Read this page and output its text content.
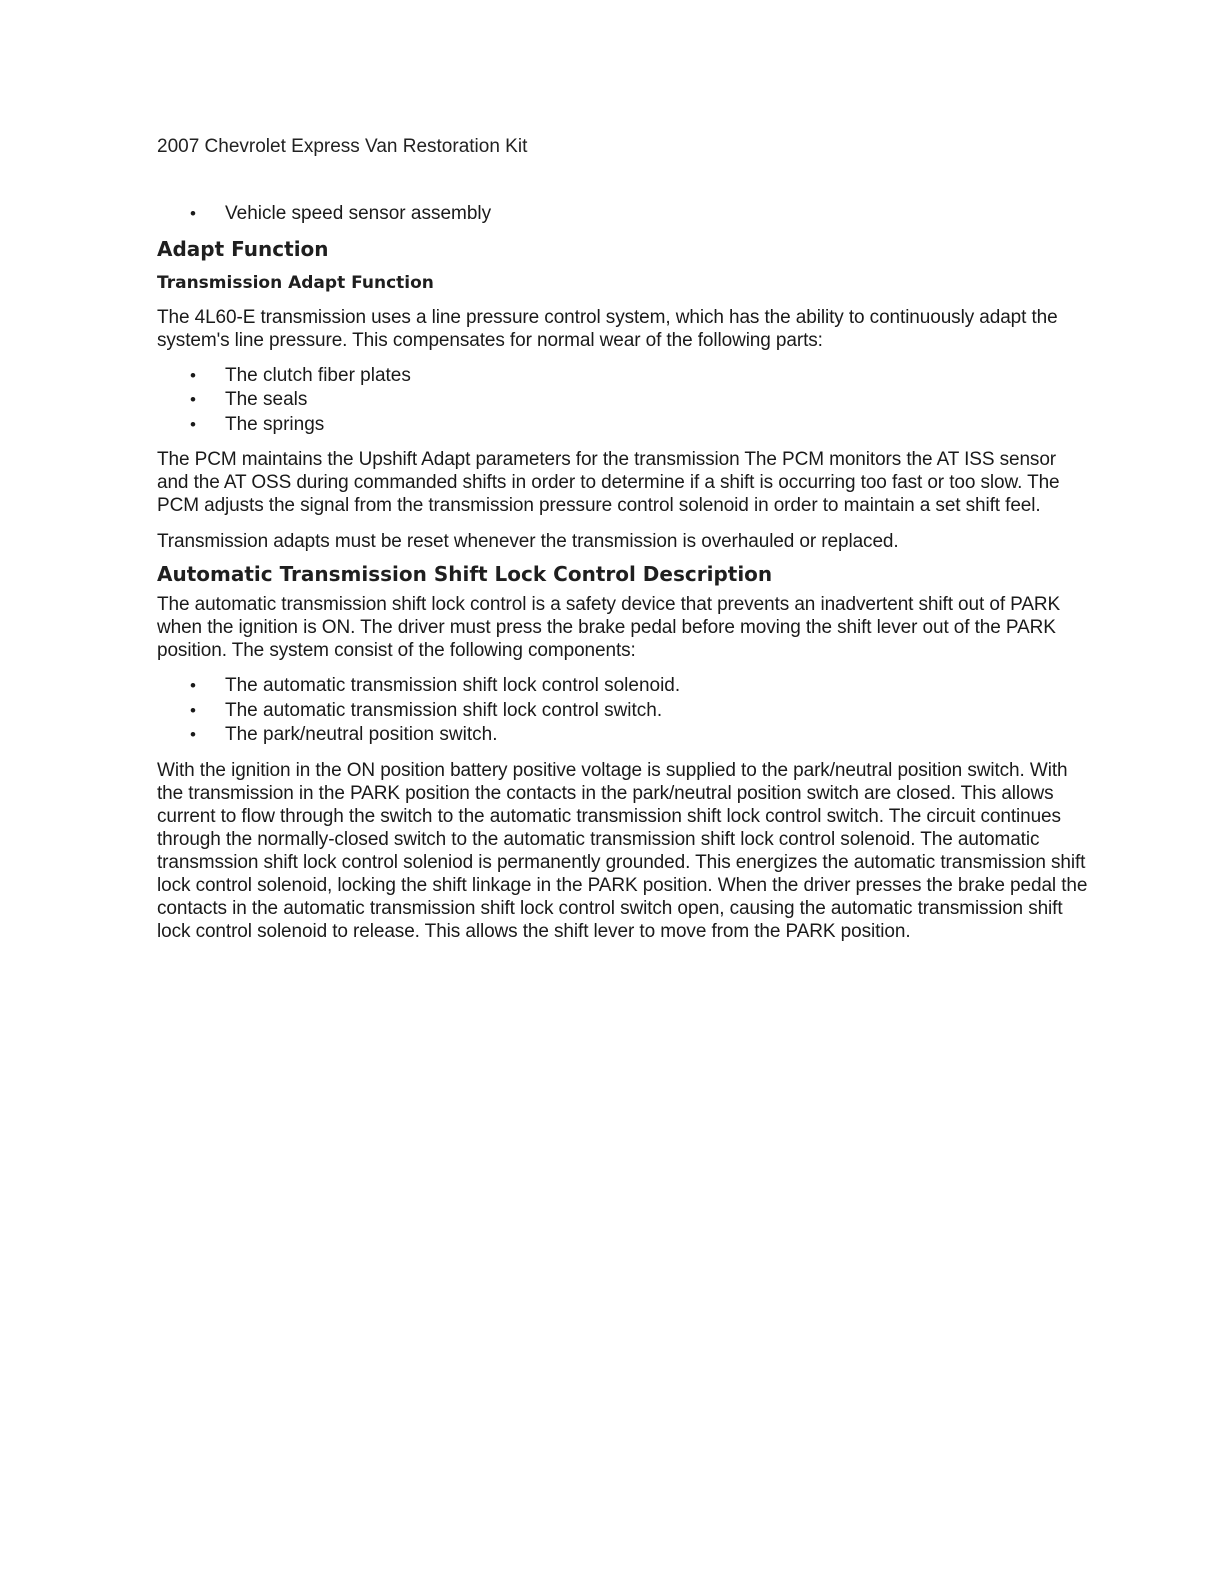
2007 Chevrolet Express Van Restoration Kit
• Vehicle speed sensor assembly
Adapt Function
Transmission Adapt Function

The 4L60-E transmission uses a line pressure control system, which has the ability to continuously adapt the system's line pressure. This compensates for normal wear of the following parts:

• The clutch fiber plates
• The seals
• The springs

The PCM maintains the Upshift Adapt parameters for the transmission The PCM monitors the AT ISS sensor and the AT OSS during commanded shifts in order to determine if a shift is occurring too fast or too slow. The PCM adjusts the signal from the transmission pressure control solenoid in order to maintain a set shift feel.

Transmission adapts must be reset whenever the transmission is overhauled or replaced.

Automatic Transmission Shift Lock Control Description

The automatic transmission shift lock control is a safety device that prevents an inadvertent shift out of PARK when the ignition is ON. The driver must press the brake pedal before moving the shift lever out of the PARK position. The system consist of the following components:

• The automatic transmission shift lock control solenoid.
• The automatic transmission shift lock control switch.
• The park/neutral position switch.

With the ignition in the ON position battery positive voltage is supplied to the park/neutral position switch. With the transmission in the PARK position the contacts in the park/neutral position switch are closed. This allows current to flow through the switch to the automatic transmission shift lock control switch. The circuit continues through the normally-closed switch to the automatic transmission shift lock control solenoid. The automatic transmssion shift lock control soleniod is permanently grounded. This energizes the automatic transmission shift lock control solenoid, locking the shift linkage in the PARK position. When the driver presses the brake pedal the contacts in the automatic transmission shift lock control switch open, causing the automatic transmission shift lock control solenoid to release. This allows the shift lever to move from the PARK position.
